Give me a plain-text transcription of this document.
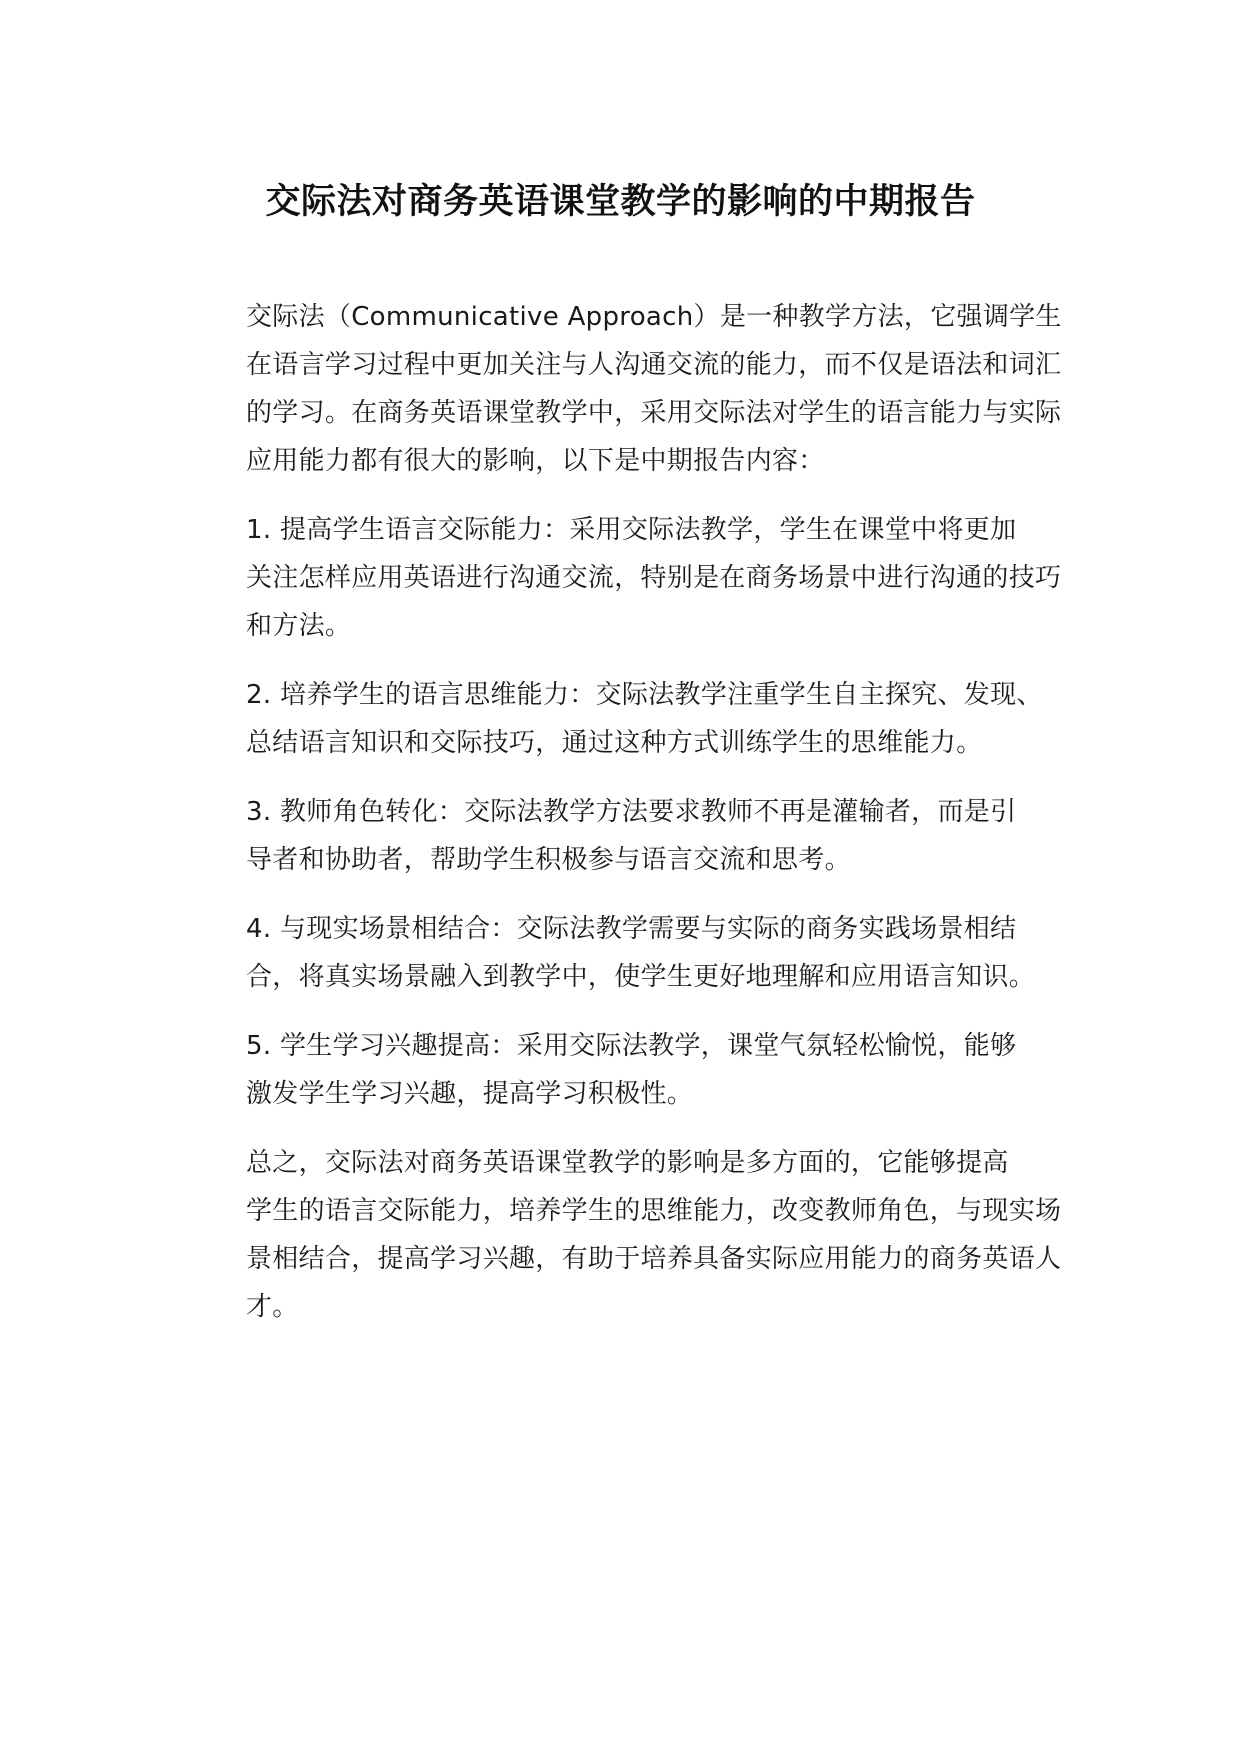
交际法对商务英语课堂教学的影响的中期报告

交际法（Communicative Approach）是一种教学方法，它强调学生
在语言学习过程中更加关注与人沟通交流的能力，而不仅是语法和词汇
的学习。在商务英语课堂教学中，采用交际法对学生的语言能力与实际
应用能力都有很大的影响，以下是中期报告内容：

1. 提高学生语言交际能力：采用交际法教学，学生在课堂中将更加
关注怎样应用英语进行沟通交流，特别是在商务场景中进行沟通的技巧
和方法。

2. 培养学生的语言思维能力：交际法教学注重学生自主探究、发现、
总结语言知识和交际技巧，通过这种方式训练学生的思维能力。

3. 教师角色转化：交际法教学方法要求教师不再是灌输者，而是引
导者和协助者，帮助学生积极参与语言交流和思考。

4. 与现实场景相结合：交际法教学需要与实际的商务实践场景相结
合，将真实场景融入到教学中，使学生更好地理解和应用语言知识。

5. 学生学习兴趣提高：采用交际法教学，课堂气氛轻松愉悦，能够
激发学生学习兴趣，提高学习积极性。

总之，交际法对商务英语课堂教学的影响是多方面的，它能够提高
学生的语言交际能力，培养学生的思维能力，改变教师角色，与现实场
景相结合，提高学习兴趣，有助于培养具备实际应用能力的商务英语人
才。
